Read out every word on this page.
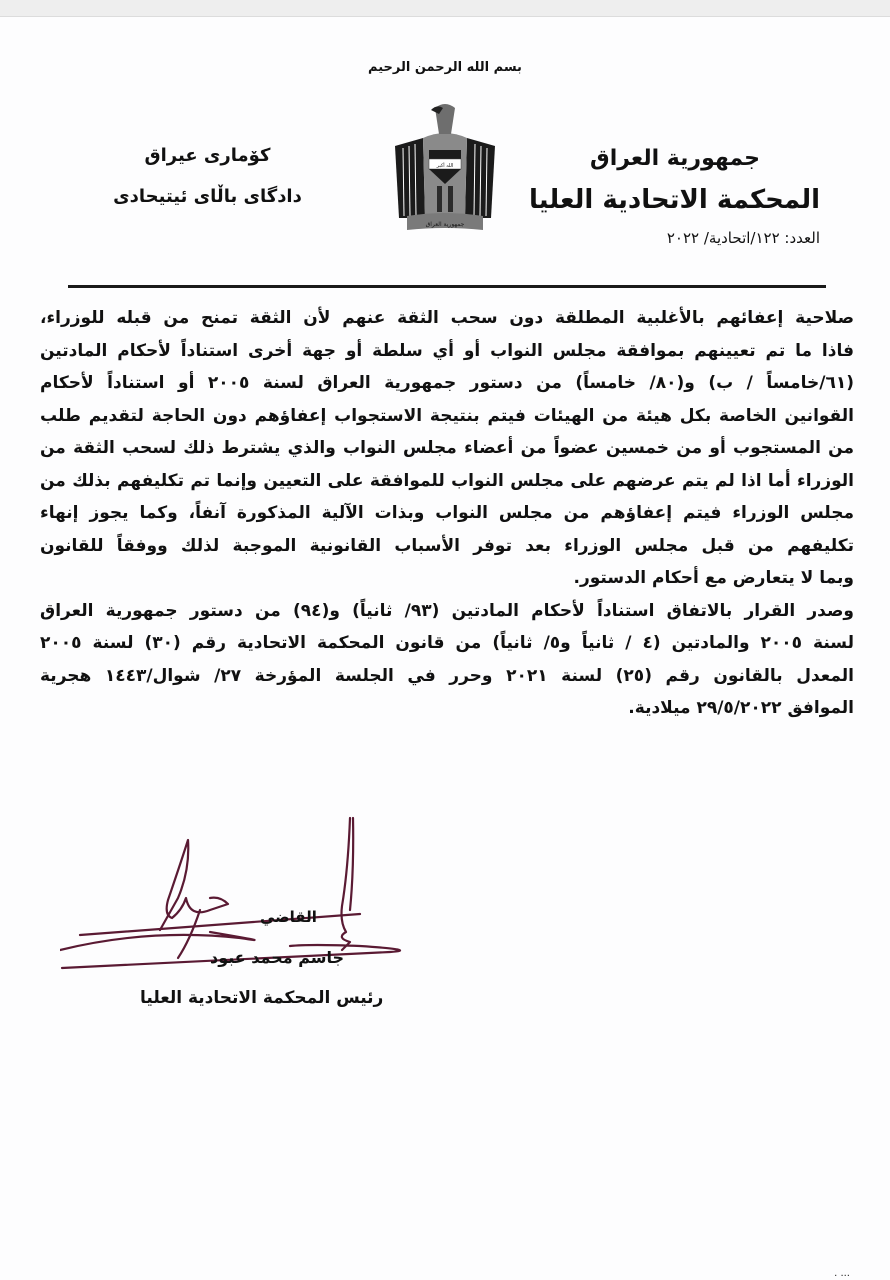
بسم الله الرحمن الرحيم
جمهورية العراق
المحكمة الاتحادية العليا
العدد: ١٢٢/اتحادية/ ٢٠٢٢
الله أكبر
جمهورية العراق
كۆمارى عيراق
دادگاى باڵاى ئيتيحادى
صلاحية إعفائهم بالأغلبية المطلقة دون سحب الثقة عنهم لأن الثقة تمنح من قبله للوزراء،
فاذا ما تم تعيينهم بموافقة مجلس النواب أو أي سلطة أو جهة أخرى استناداً لأحكام المادتين
(٦١/خامساً / ب) و(٨٠/ خامساً) من دستور جمهورية العراق لسنة ٢٠٠٥ أو استناداً لأحكام
القوانين الخاصة بكل هيئة من الهيئات فيتم بنتيجة الاستجواب إعفاؤهم دون الحاجة لتقديم طلب
من المستجوب أو من خمسين عضواً من أعضاء مجلس النواب والذي يشترط ذلك لسحب الثقة من
الوزراء أما اذا لم يتم عرضهم على مجلس النواب للموافقة على التعيين وإنما تم تكليفهم بذلك من
مجلس الوزراء فيتم إعفاؤهم من مجلس النواب وبذات الآلية المذكورة آنفاً، وكما يجوز إنهاء
تكليفهم من قبل مجلس الوزراء بعد توفر الأسباب القانونية الموجبة لذلك ووفقاً للقانون
وبما لا يتعارض مع أحكام الدستور.
وصدر القرار بالاتفاق استناداً لأحكام المادتين (٩٣/ ثانياً) و(٩٤) من دستور جمهورية العراق
لسنة ٢٠٠٥ والمادتين (٤ / ثانياً و٥/ ثانياً) من قانون المحكمة الاتحادية رقم (٣٠) لسنة ٢٠٠٥
المعدل بالقانون رقم (٢٥) لسنة ٢٠٢١ وحرر في الجلسة المؤرخة ٢٧/ شوال/١٤٤٣ هجرية
الموافق ٢٩/٥/٢٠٢٢ ميلادية.
القاضي
جاسم محمد عبود
رئيس المحكمة الاتحادية العليا
... .
